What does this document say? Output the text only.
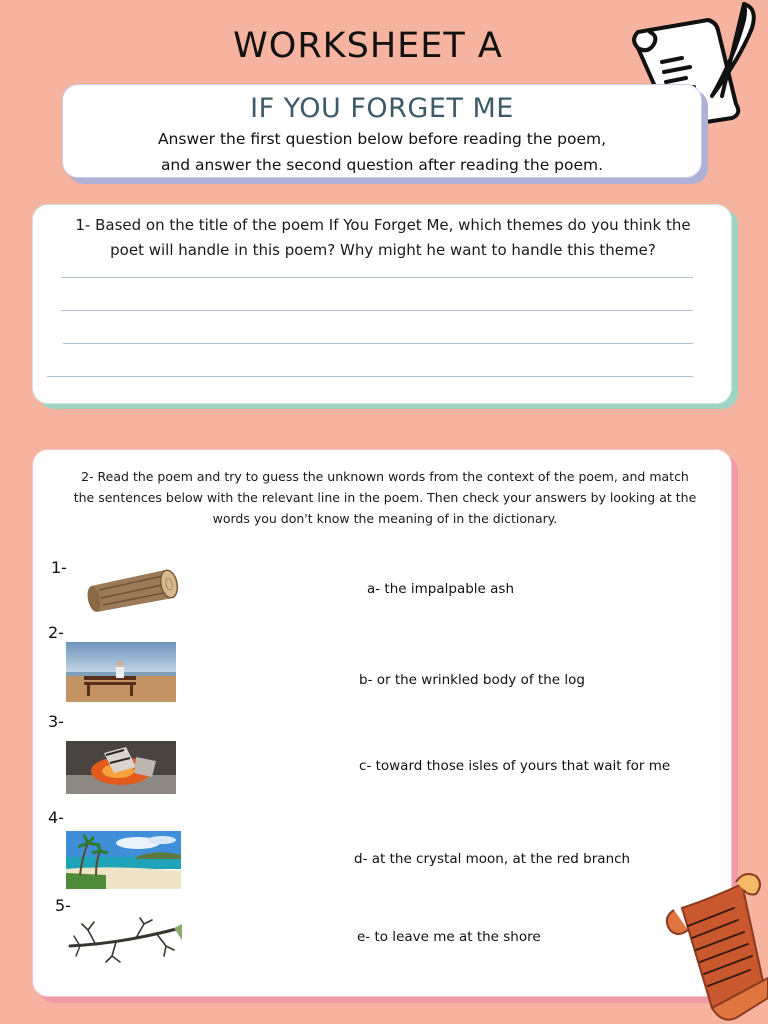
WORKSHEET A
IF YOU FORGET ME
Answer the first question below before reading the poem,
and answer the second question after reading the poem.
1- Based on the title of the poem If You Forget Me, which themes do you think the
poet will handle in this poem? Why might he want to handle this theme?
2- Read the poem and try to guess the unknown words from the context of the poem, and match
the sentences below with the relevant line in the poem. Then check your answers by looking at the
words you don't know the meaning of in the dictionary.
1-
2-
3-
4-
5-
a- the impalpable ash
b- or the wrinkled body of the log
c- toward those isles of yours that wait for me
d- at the crystal moon, at the red branch
e- to leave me at the shore
